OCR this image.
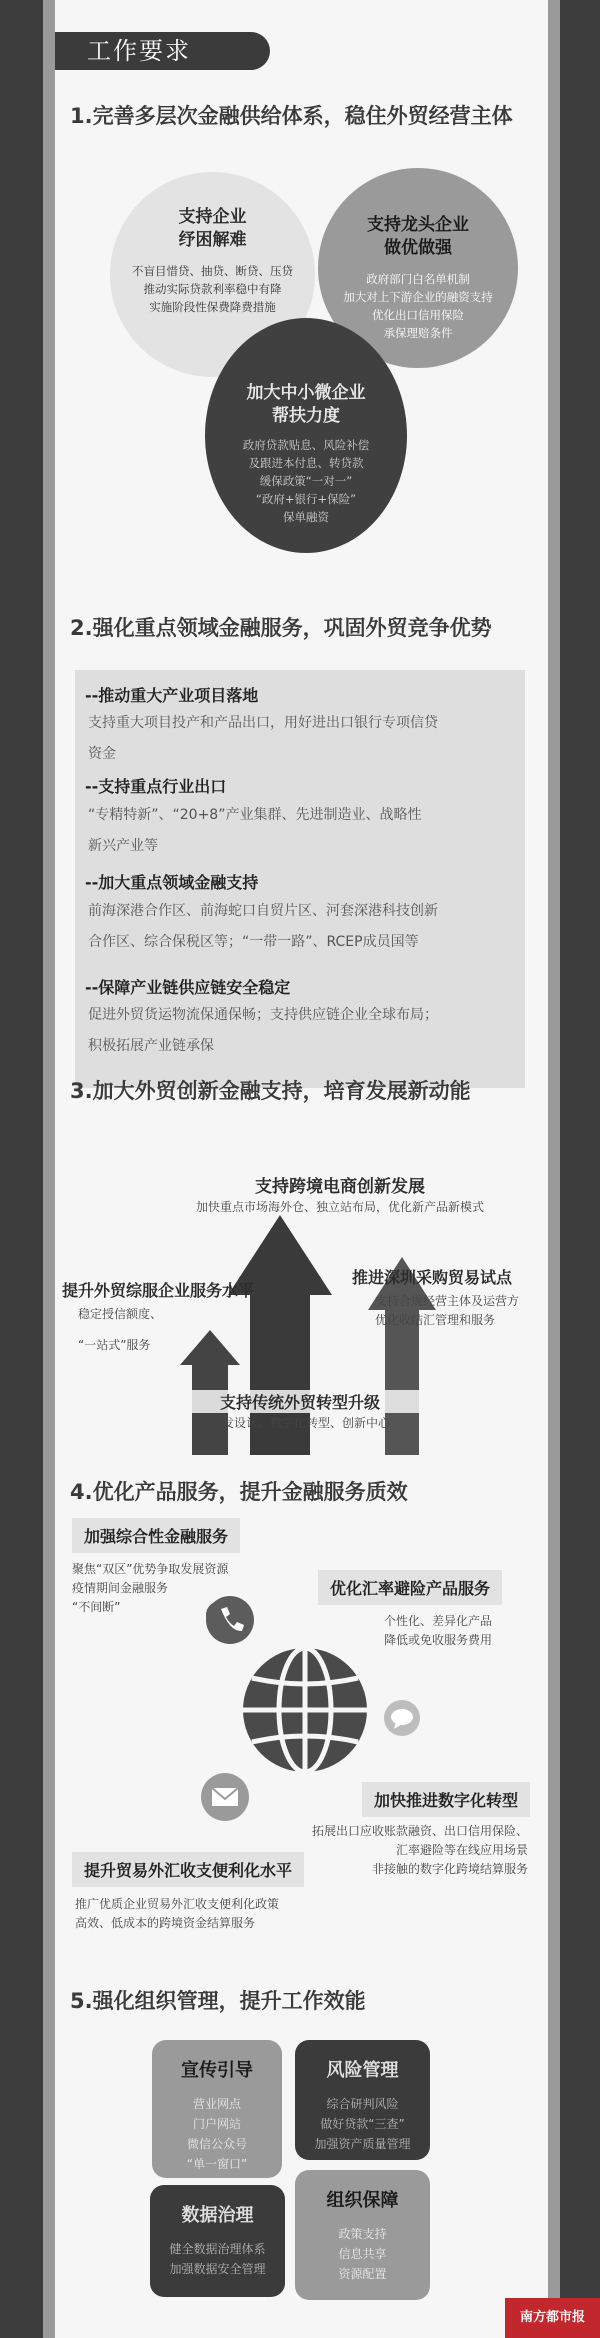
工作要求
1.完善多层次金融供给体系，稳住外贸经营主体
支持企业
纾困解难
不盲目惜贷、抽贷、断贷、压贷
推动实际贷款利率稳中有降
实施阶段性保费降费措施
支持龙头企业
做优做强
政府部门白名单机制
加大对上下游企业的融资支持
优化出口信用保险
承保理赔条件
加大中小微企业
帮扶力度
政府贷款贴息、风险补偿
及跟进本付息、转贷款
缓保政策“一对一”
“政府+银行+保险”
保单融资
2.强化重点领域金融服务，巩固外贸竞争优势
--推动重大产业项目落地
支持重大项目投产和产品出口，用好进出口银行专项信贷
资金
--支持重点行业出口
“专精特新”、“20+8”产业集群、先进制造业、战略性
新兴产业等
--加大重点领域金融支持
前海深港合作区、前海蛇口自贸片区、河套深港科技创新
合作区、综合保税区等；“一带一路”、RCEP成员国等
--保障产业链供应链安全稳定
促进外贸货运物流保通保畅；支持供应链企业全球布局；
积极拓展产业链承保
3.加大外贸创新金融支持，培育发展新动能
支持跨境电商创新发展
加快重点市场海外仓、独立站布局，优化新产品新模式
提升外贸综服企业服务水平
稳定授信额度、
“一站式”服务
推进深圳采购贸易试点
支持合规经营主体及运营方
优化收结汇管理和服务
支持传统外贸转型升级
研发设计、数字化转型、创新中心
4.优化产品服务，提升金融服务质效
加强综合性金融服务
聚焦“双区”优势争取发展资源
疫情期间金融服务
“不间断”
优化汇率避险产品服务
个性化、差异化产品
降低或免收服务费用
加快推进数字化转型
拓展出口应收账款融资、出口信用保险、
汇率避险等在线应用场景
非接触的数字化跨境结算服务
提升贸易外汇收支便利化水平
推广优质企业贸易外汇收支便利化政策
高效、低成本的跨境资金结算服务
5.强化组织管理，提升工作效能
宣传引导
营业网点
门户网站
微信公众号
“单一窗口”
风险管理
综合研判风险
做好贷款“三查”
加强资产质量管理
数据治理
健全数据治理体系
加强数据安全管理
组织保障
政策支持
信息共享
资源配置
南方都市报
